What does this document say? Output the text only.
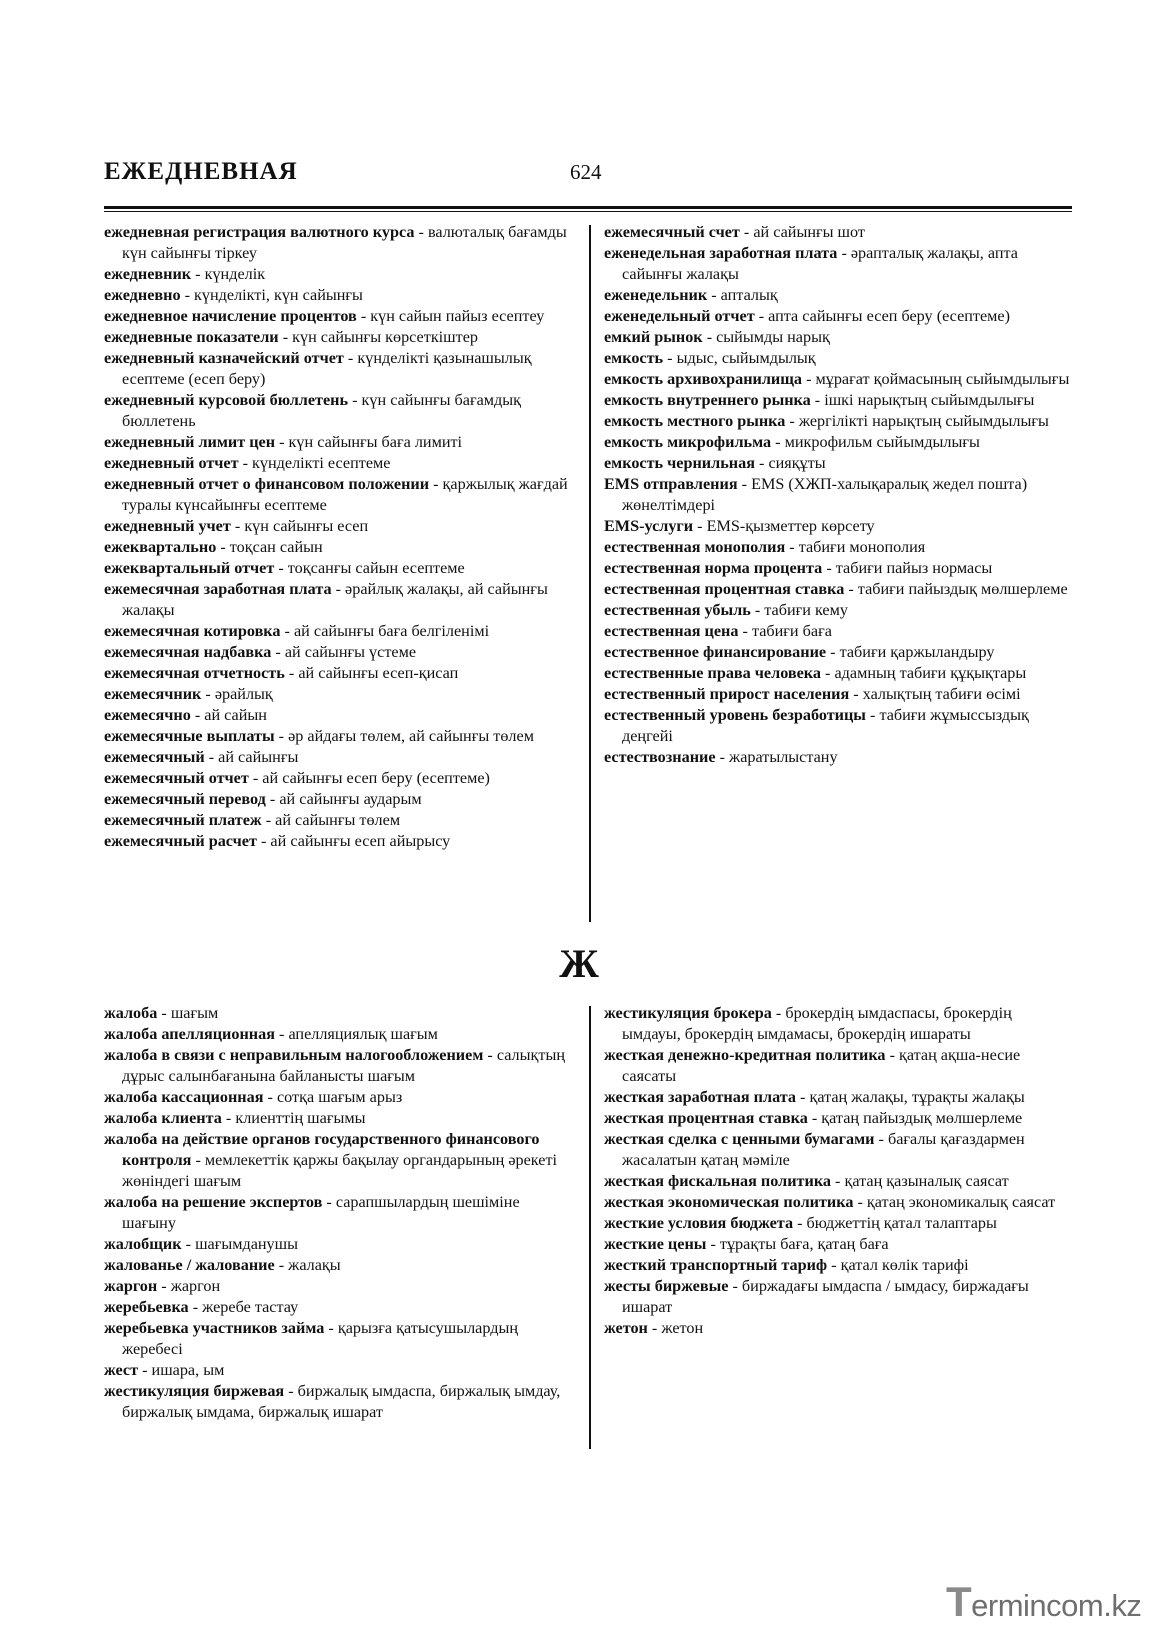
ЕЖЕДНЕВНАЯ	624
ежедневная регистрация валютного курса - валюталық бағамды күн сайынғы тіркеу
ежедневник - күнделік
ежедневно - күнделікті, күн сайынғы
ежедневное начисление процентов - күн сайын пайыз есептеу
ежедневные показатели - күн сайынғы көрсеткіштер
ежедневный казначейский отчет - күнделікті қазынашылық есептеме (есеп беру)
ежедневный курсовой бюллетень - күн сайынғы бағамдық бюллетень
ежедневный лимит цен - күн сайынғы баға лимиті
ежедневный отчет - күнделікті есептеме
ежедневный отчет о финансовом положении - қаржылық жағдай туралы күнсайынғы есептеме
ежедневный учет - күн сайынғы есеп
ежеквартально - тоқсан сайын
ежеквартальный отчет - тоқсанғы сайын есептеме
ежемесячная заработная плата - әрайлық жалақы, ай сайынғы жалақы
ежемесячная котировка - ай сайынғы баға белгіленімі
ежемесячная надбавка - ай сайынғы үстеме
ежемесячная отчетность - ай сайынғы есеп-қисап
ежемесячник - әрайлық
ежемесячно - ай сайын
ежемесячные выплаты - әр айдағы төлем, ай сайынғы төлем
ежемесячный - ай сайынғы
ежемесячный отчет - ай сайынғы есеп беру (есептеме)
ежемесячный перевод - ай сайынғы аударым
ежемесячный платеж - ай сайынғы төлем
ежемесячный расчет - ай сайынғы есеп айырысу
ежемесячный счет - ай сайынғы шот
еженедельная заработная плата - әрапталық жалақы, апта сайынғы жалақы
еженедельник - апталық
еженедельный отчет - апта сайынғы есеп беру (есептеме)
емкий рынок - сыйымды нарық
емкость - ыдыс, сыйымдылық
емкость архивохранилища - мұрағат қоймасының сыйымдылығы
емкость внутреннего рынка - ішкі нарықтың сыйымдылығы
емкость местного рынка - жергілікті нарықтың сыйымдылығы
емкость микрофильма - микрофильм сыйымдылығы
емкость чернильная - сияқұты
EMS отправления - EMS (ХЖП-халықаралық жедел пошта) жөнелтімдері
EMS-услуги - EMS-қызметтер көрсету
естественная монополия - табиғи монополия
естественная норма процента - табиғи пайыз нормасы
естественная процентная ставка - табиғи пайыздық мөлшерлеме
естественная убыль - табиғи кему
естественная цена - табиғи баға
естественное финансирование - табиғи қаржыландыру
естественные права человека - адамның табиғи құқықтары
естественный прирост населения - халықтың табиғи өсімі
естественный уровень безработицы - табиғи жұмыссыздық деңгейі
естествознание - жаратылыстану
Ж
жалоба - шағым
жалоба апелляционная - апелляциялық шағым
жалоба в связи с неправильным налогообложением - салықтың дұрыс салынбағанына байланысты шағым
жалоба кассационная - сотқа шағым арыз
жалоба клиента - клиенттің шағымы
жалоба на действие органов государственного финансового контроля - мемлекеттік қаржы бақылау органдарының әрекеті жөніндегі шағым
жалоба на решение экспертов - сарапшылардың шешіміне шағыну
жалобщик - шағымданушы
жалованье / жалование - жалақы
жаргон - жаргон
жеребьевка - жеребе тастау
жеребьевка участников займа - қарызға қатысушылардың жеребесі
жест - ишара, ым
жестикуляция биржевая - биржалық ымдаспа, биржалық ымдау, биржалық ымдама, биржалық ишарат
жестикуляция брокера - брокердің ымдаспасы, брокердің ымдауы, брокердің ымдамасы, брокердің ишараты
жесткая денежно-кредитная политика - қатаң ақша-несие саясаты
жесткая заработная плата - қатаң жалақы, тұрақты жалақы
жесткая процентная ставка - қатаң пайыздық мөлшерлеме
жесткая сделка с ценными бумагами - бағалы қағаздармен жасалатын қатаң мәміле
жесткая фискальная политика - қатаң қазыналық саясат
жесткая экономическая политика - қатаң экономикалық саясат
жесткие условия бюджета - бюджеттің қатал талаптары
жесткие цены - тұрақты баға, қатаң баға
жесткий транспортный тариф - қатал көлік тарифі
жесты биржевые - биржадағы ымдаспа / ымдасу, биржадағы ишарат
жетон - жетон
Termincom.kz
